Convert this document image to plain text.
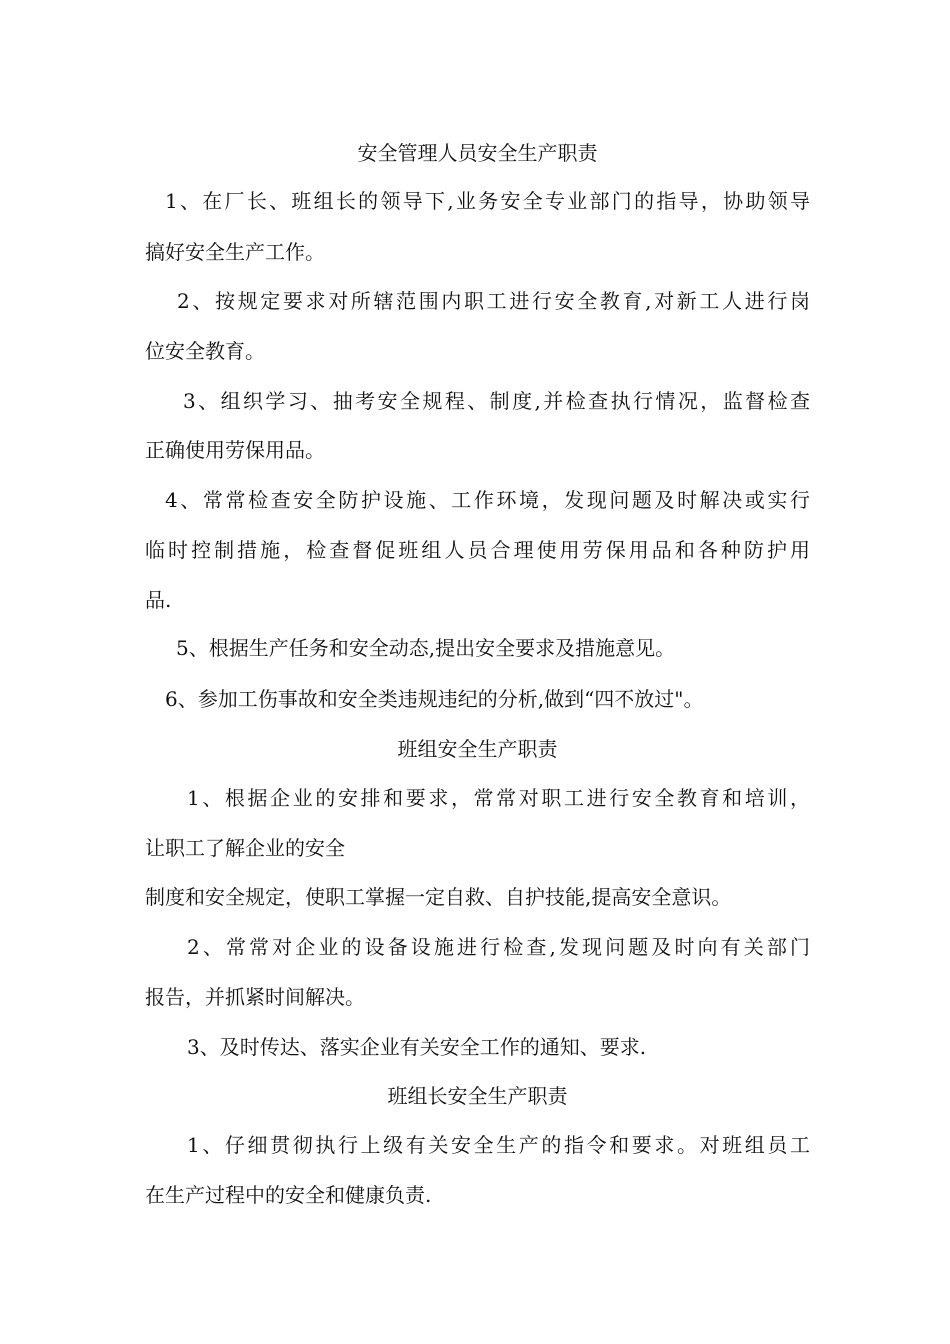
安全管理人员安全生产职责
1、在厂长、班组长的领导下,业务安全专业部门的指导，协助领导
搞好安全生产工作。
2、按规定要求对所辖范围内职工进行安全教育,对新工人进行岗
位安全教育。
3、组织学习、抽考安全规程、制度,并检查执行情况，监督检查
正确使用劳保用品。
4、常常检查安全防护设施、工作环境，发现问题及时解决或实行
临时控制措施，检查督促班组人员合理使用劳保用品和各种防护用
品.
5、根据生产任务和安全动态,提出安全要求及措施意见。
6、参加工伤事故和安全类违规违纪的分析,做到“四不放过"。
班组安全生产职责
1、根据企业的安排和要求，常常对职工进行安全教育和培训，
让职工了解企业的安全
制度和安全规定，使职工掌握一定自救、自护技能,提高安全意识。
2、常常对企业的设备设施进行检查,发现问题及时向有关部门
报告，并抓紧时间解决。
3、及时传达、落实企业有关安全工作的通知、要求.
班组长安全生产职责
1、仔细贯彻执行上级有关安全生产的指令和要求。对班组员工
在生产过程中的安全和健康负责.
